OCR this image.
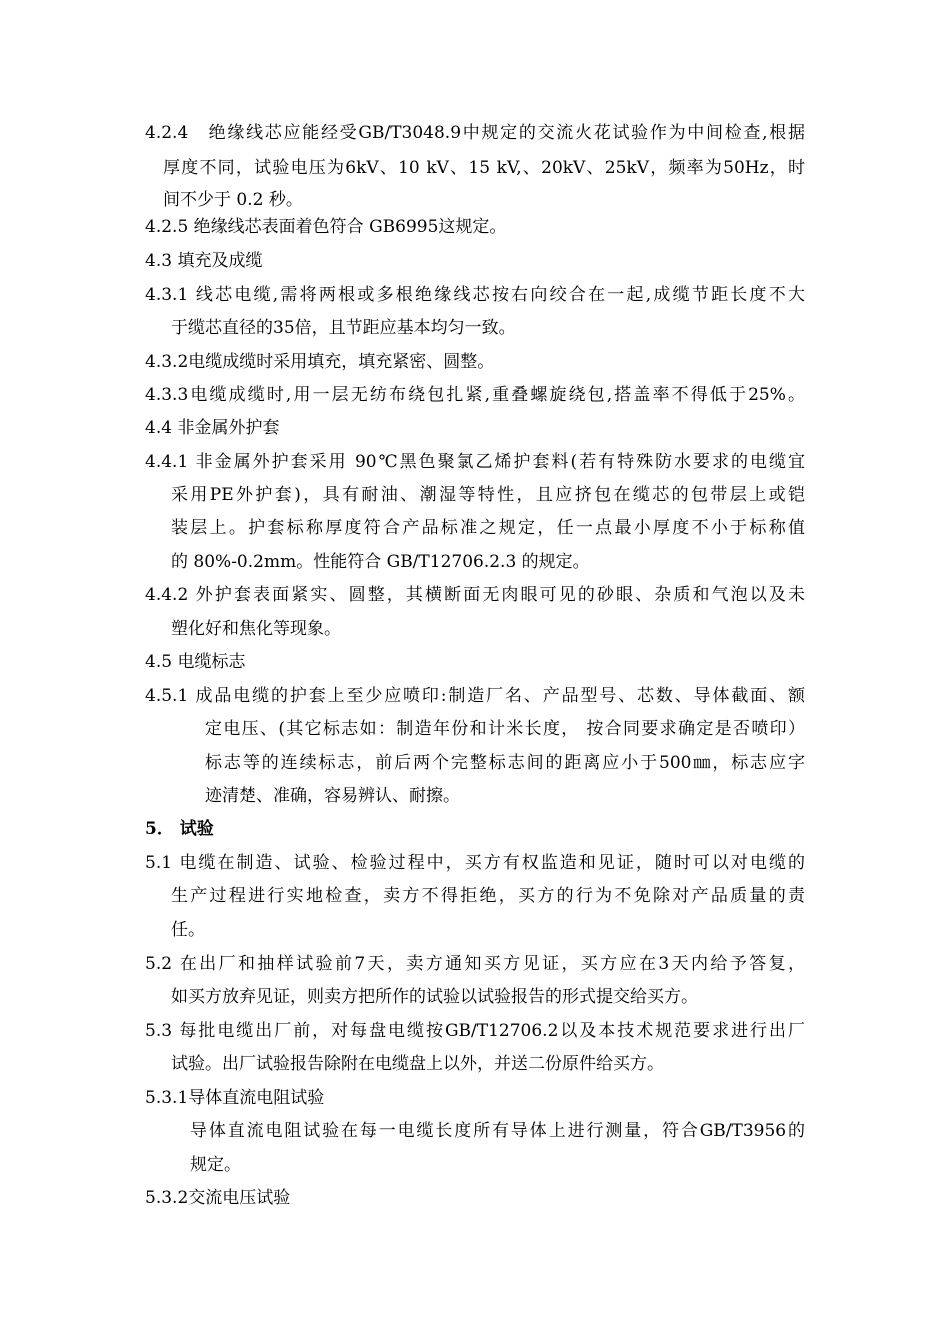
4.2.4　绝缘线芯应能经受GB/T3048.9中规定的交流火花试验作为中间检查,根据
厚度不同，试验电压为6kV、10 kV、15 kV,、20kV、25kV，频率为50Hz，时
间不少于 0.2 秒。
4.2.5 绝缘线芯表面着色符合 GB6995这规定。
4.3 填充及成缆
4.3.1 线芯电缆,需将两根或多根绝缘线芯按右向绞合在一起,成缆节距长度不大
于缆芯直径的35倍，且节距应基本均匀一致。
4.3.2电缆成缆时采用填充，填充紧密、圆整。
4.3.3电缆成缆时,用一层无纺布绕包扎紧,重叠螺旋绕包,搭盖率不得低于25%。
4.4 非金属外护套
4.4.1 非金属外护套采用 90℃黑色聚氯乙烯护套料(若有特殊防水要求的电缆宜
采用PE外护套)，具有耐油、潮湿等特性，且应挤包在缆芯的包带层上或铠
装层上。护套标称厚度符合产品标准之规定，任一点最小厚度不小于标称值
的 80%-0.2mm。性能符合 GB/T12706.2.3 的规定。
4.4.2 外护套表面紧实、圆整，其横断面无肉眼可见的砂眼、杂质和气泡以及未
塑化好和焦化等现象。
4.5 电缆标志
4.5.1 成品电缆的护套上至少应喷印:制造厂名、产品型号、芯数、导体截面、额
定电压、(其它标志如：制造年份和计米长度， 按合同要求确定是否喷印）
标志等的连续标志，前后两个完整标志间的距离应小于500㎜，标志应字
迹清楚、准确，容易辨认、耐擦。
5． 试验
5.1 电缆在制造、试验、检验过程中，买方有权监造和见证，随时可以对电缆的
生产过程进行实地检查，卖方不得拒绝，买方的行为不免除对产品质量的责
任。
5.2 在出厂和抽样试验前7天，卖方通知买方见证，买方应在3天内给予答复，
如买方放弃见证，则卖方把所作的试验以试验报告的形式提交给买方。
5.3 每批电缆出厂前，对每盘电缆按GB/T12706.2以及本技术规范要求进行出厂
试验。出厂试验报告除附在电缆盘上以外，并送二份原件给买方。
5.3.1导体直流电阻试验
导体直流电阻试验在每一电缆长度所有导体上进行测量，符合GB/T3956的
规定。
5.3.2交流电压试验
